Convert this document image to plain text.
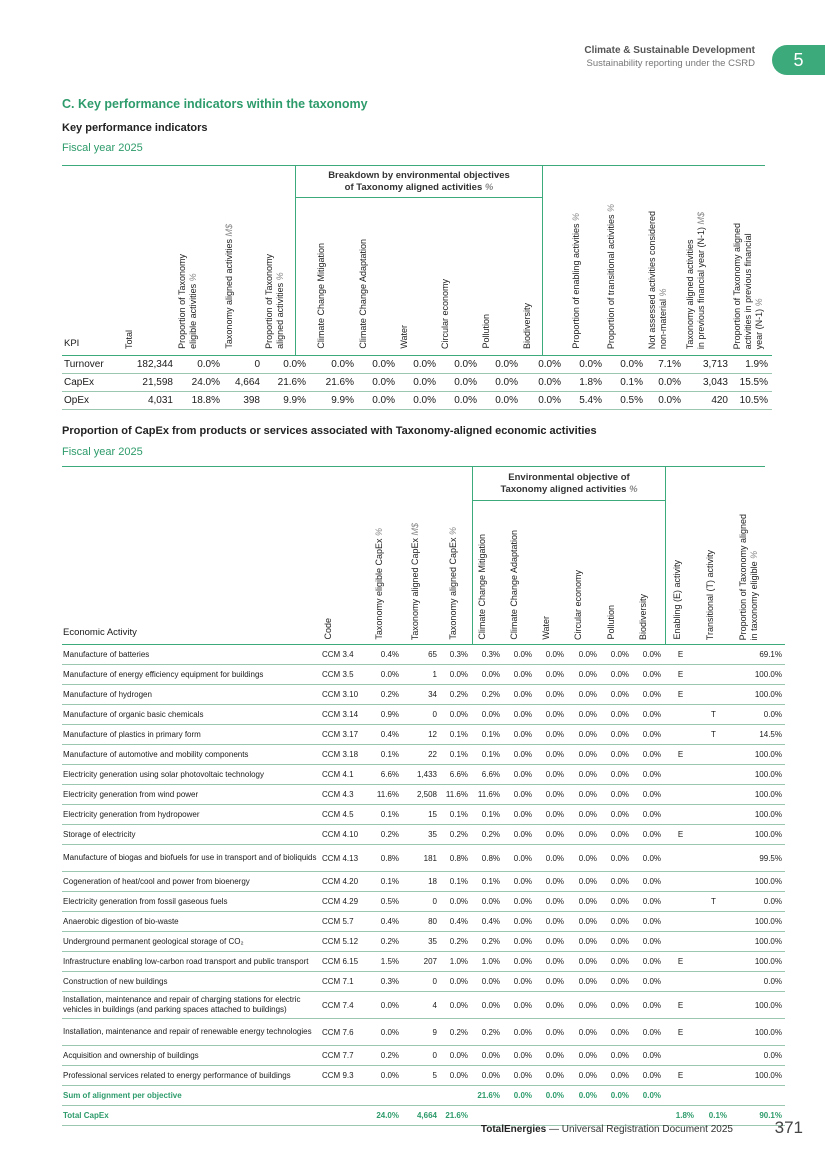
Climate & Sustainable Development
Sustainability reporting under the CSRD	5
C. Key performance indicators within the taxonomy
Key performance indicators
Fiscal year 2025
Breakdown by environmental objectives
of Taxonomy aligned activities %
KPI	Total	Proportion of Taxonomy
eligible activities %	Taxonomy aligned activities M$	Proportion of Taxonomy
aligned activities %	Climate Change Mitigation	Climate Change Adaptation	Water	Circular economy	Pollution	Biodiversity	Proportion of enabling activities %	Proportion of transitional activities %	Not assessed activities considered
non-material %	Taxonomy aligned activities
in previous financial year (N-1) M$	Proportion of Taxonomy aligned
activities in previous financial
year (N-1) %

Turnover	182,344	0.0%	0	0.0%	0.0%	0.0%	0.0%	0.0%	0.0%	0.0%	0.0%	0.0%	7.1%	3,713	1.9%
CapEx	21,598	24.0%	4,664	21.6%	21.6%	0.0%	0.0%	0.0%	0.0%	0.0%	1.8%	0.1%	0.0%	3,043	15.5%
OpEx	4,031	18.8%	398	9.9%	9.9%	0.0%	0.0%	0.0%	0.0%	0.0%	5.4%	0.5%	0.0%	420	10.5%
Proportion of CapEx from products or services associated with Taxonomy-aligned economic activities
Fiscal year 2025
Environmental objective of
Taxonomy aligned activities %
Economic Activity	Code	Taxonomy eligible CapEx %	Taxonomy aligned CapEx M$	Taxonomy aligned CapEx %	Climate Change Mitigation	Climate Change Adaptation	Water	Circular economy	Pollution	Biodiversity	Enabling (E) activity	Transitional (T) activity	Proportion of Taxonomy aligned
in taxonomy eligible %

Manufacture of batteries	CCM 3.4	0.4%	65	0.3%	0.3%	0.0%	0.0%	0.0%	0.0%	0.0%	E		69.1%
Manufacture of energy efficiency equipment for buildings	CCM 3.5	0.0%	1	0.0%	0.0%	0.0%	0.0%	0.0%	0.0%	0.0%	E		100.0%
Manufacture of hydrogen	CCM 3.10	0.2%	34	0.2%	0.2%	0.0%	0.0%	0.0%	0.0%	0.0%	E		100.0%
Manufacture of organic basic chemicals	CCM 3.14	0.9%	0	0.0%	0.0%	0.0%	0.0%	0.0%	0.0%	0.0%		T	0.0%
Manufacture of plastics in primary form	CCM 3.17	0.4%	12	0.1%	0.1%	0.0%	0.0%	0.0%	0.0%	0.0%		T	14.5%
Manufacture of automotive and mobility components	CCM 3.18	0.1%	22	0.1%	0.1%	0.0%	0.0%	0.0%	0.0%	0.0%	E		100.0%
Electricity generation using solar photovoltaic technology	CCM 4.1	6.6%	1,433	6.6%	6.6%	0.0%	0.0%	0.0%	0.0%	0.0%			100.0%
Electricity generation from wind power	CCM 4.3	11.6%	2,508	11.6%	11.6%	0.0%	0.0%	0.0%	0.0%	0.0%			100.0%
Electricity generation from hydropower	CCM 4.5	0.1%	15	0.1%	0.1%	0.0%	0.0%	0.0%	0.0%	0.0%			100.0%
Storage of electricity	CCM 4.10	0.2%	35	0.2%	0.2%	0.0%	0.0%	0.0%	0.0%	0.0%	E		100.0%
Manufacture of biogas and biofuels for use in transport and of bioliquids	CCM 4.13	0.8%	181	0.8%	0.8%	0.0%	0.0%	0.0%	0.0%	0.0%			99.5%
Cogeneration of heat/cool and power from bioenergy	CCM 4.20	0.1%	18	0.1%	0.1%	0.0%	0.0%	0.0%	0.0%	0.0%			100.0%
Electricity generation from fossil gaseous fuels	CCM 4.29	0.5%	0	0.0%	0.0%	0.0%	0.0%	0.0%	0.0%	0.0%		T	0.0%
Anaerobic digestion of bio-waste	CCM 5.7	0.4%	80	0.4%	0.4%	0.0%	0.0%	0.0%	0.0%	0.0%			100.0%
Underground permanent geological storage of CO₂	CCM 5.12	0.2%	35	0.2%	0.2%	0.0%	0.0%	0.0%	0.0%	0.0%			100.0%
Infrastructure enabling low-carbon road transport and public transport	CCM 6.15	1.5%	207	1.0%	1.0%	0.0%	0.0%	0.0%	0.0%	0.0%	E		100.0%
Construction of new buildings	CCM 7.1	0.3%	0	0.0%	0.0%	0.0%	0.0%	0.0%	0.0%	0.0%			0.0%
Installation, maintenance and repair of charging stations for electric vehicles in buildings (and parking spaces attached to buildings)	CCM 7.4	0.0%	4	0.0%	0.0%	0.0%	0.0%	0.0%	0.0%	0.0%	E		100.0%
Installation, maintenance and repair of renewable energy technologies	CCM 7.6	0.0%	9	0.2%	0.2%	0.0%	0.0%	0.0%	0.0%	0.0%	E		100.0%
Acquisition and ownership of buildings	CCM 7.7	0.2%	0	0.0%	0.0%	0.0%	0.0%	0.0%	0.0%	0.0%			0.0%
Professional services related to energy performance of buildings	CCM 9.3	0.0%	5	0.0%	0.0%	0.0%	0.0%	0.0%	0.0%	0.0%	E		100.0%
Sum of alignment per objective					21.6%	0.0%	0.0%	0.0%	0.0%	0.0%			
Total CapEx		24.0%	4,664	21.6%							1.8%	0.1%	90.1%
TotalEnergies — Universal Registration Document 2025 371
